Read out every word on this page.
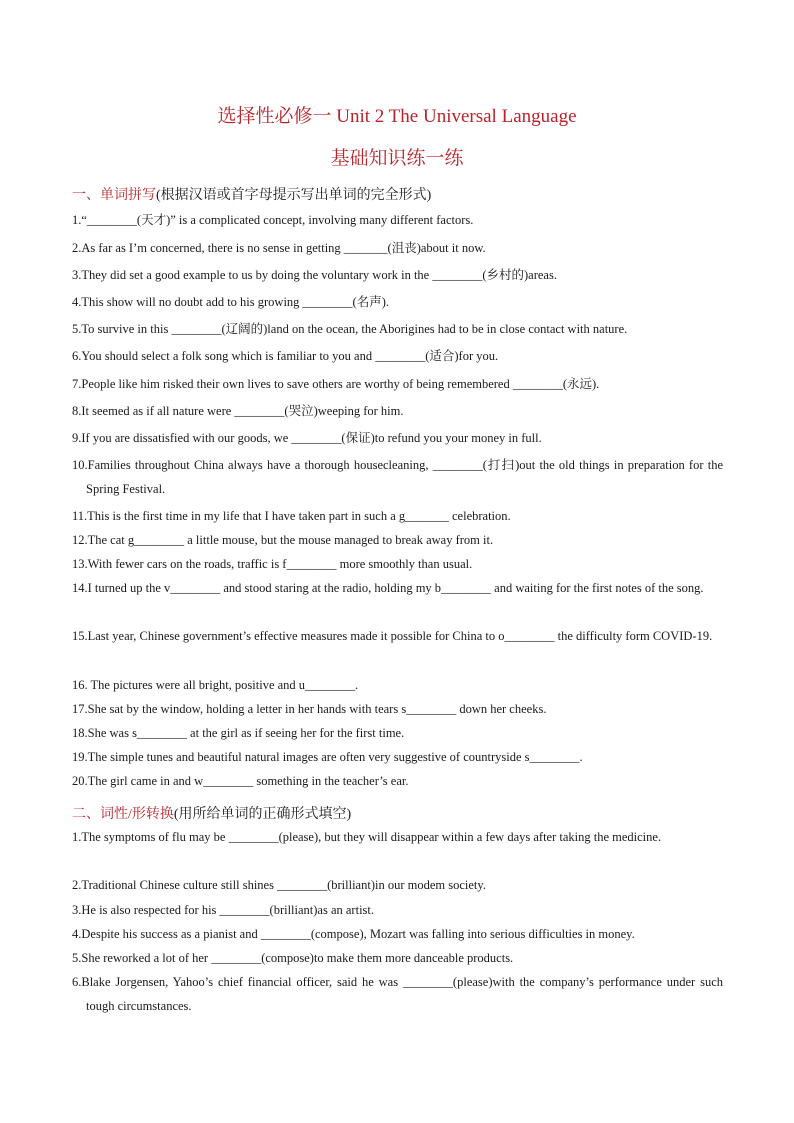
选择性必修一 Unit 2 The Universal Language
基础知识练一练
一、单词拼写(根据汉语或首字母提示写出单词的完全形式)
1.“________(天才)” is a complicated concept, involving many different factors.
2.As far as I’m concerned, there is no sense in getting _______(沮丧)about it now.
3.They did set a good example to us by doing the voluntary work in the ________(乡村的)areas.
4.This show will no doubt add to his growing ________(名声).
5.To survive in this ________(辽阔的)land on the ocean, the Aborigines had to be in close contact with nature.
6.You should select a folk song which is familiar to you and ________(适合)for you.
7.People like him risked their own lives to save others are worthy of being remembered ________(永远).
8.It seemed as if all nature were ________(哭泣)weeping for him.
9.If you are dissatisfied with our goods, we ________(保证)to refund you your money in full.
10.Families throughout China always have a thorough housecleaning, ________(打扫)out the old things in preparation for the Spring Festival.
11.This is the first time in my life that I have taken part in such a g_______ celebration.
12.The cat g________ a little mouse, but the mouse managed to break away from it.
13.With fewer cars on the roads, traffic is f________ more smoothly than usual.
14.I turned up the v________ and stood staring at the radio, holding my b________ and waiting for the first notes of the song.
15.Last year, Chinese government’s effective measures made it possible for China to o________ the difficulty form COVID-19.
16. The pictures were all bright, positive and u________.
17.She sat by the window, holding a letter in her hands with tears s________ down her cheeks.
18.She was s________ at the girl as if seeing her for the first time.
19.The simple tunes and beautiful natural images are often very suggestive of countryside s________.
20.The girl came in and w________ something in the teacher’s ear.
二、词性/形转换(用所给单词的正确形式填空)
1.The symptoms of flu may be ________(please), but they will disappear within a few days after taking the medicine.
2.Traditional Chinese culture still shines ________(brilliant)in our modem society.
3.He is also respected for his ________(brilliant)as an artist.
4.Despite his success as a pianist and ________(compose), Mozart was falling into serious difficulties in money.
5.She reworked a lot of her ________(compose)to make them more danceable products.
6.Blake Jorgensen, Yahoo’s chief financial officer, said he was ________(please)with the company’s performance under such tough circumstances.
